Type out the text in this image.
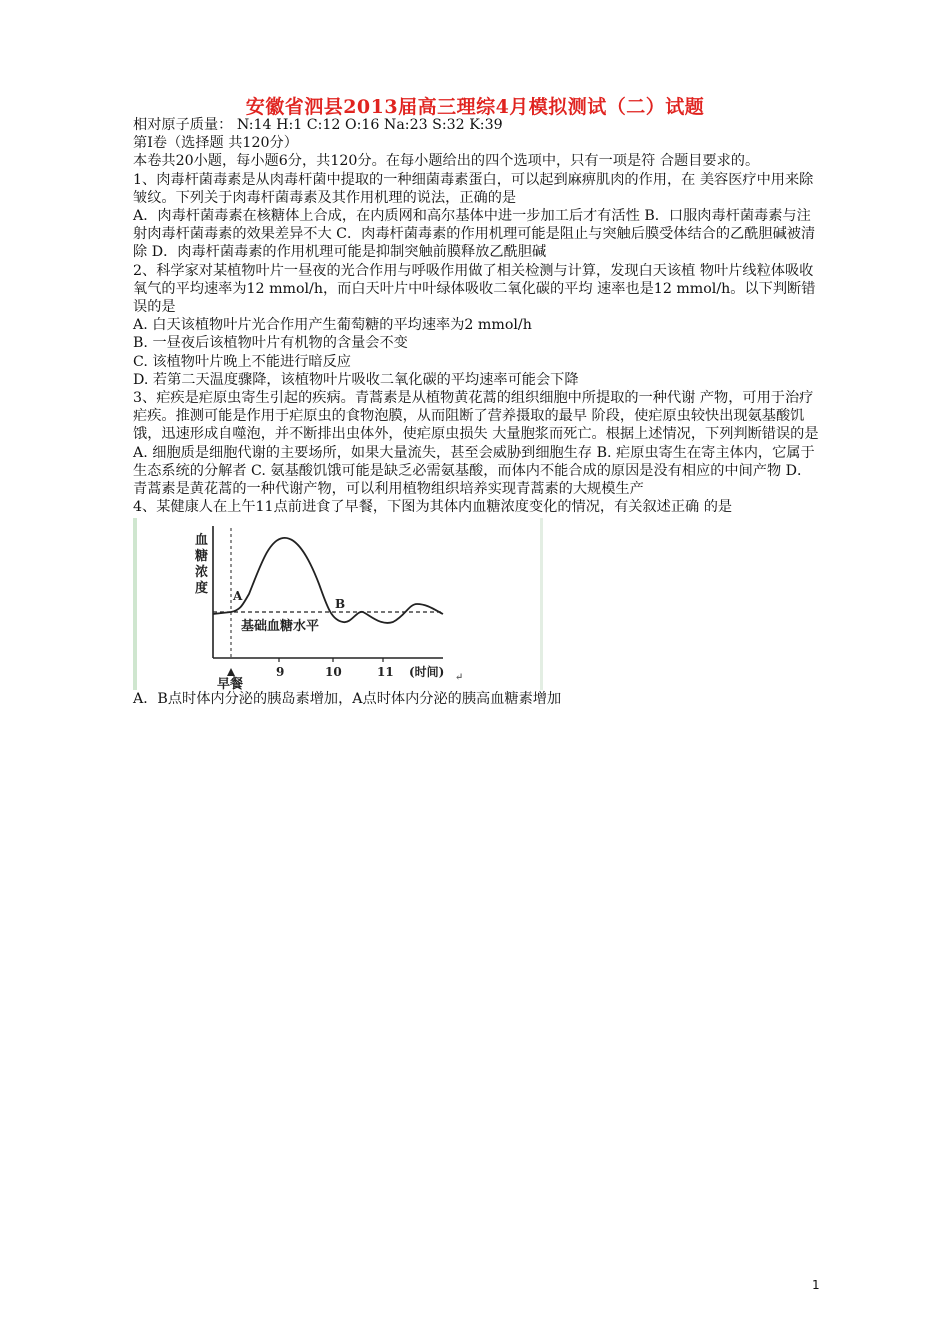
安徽省泗县2013届高三理综4月模拟测试（二）试题

相对原子质量： N:14 H:1 C:12 O:16 Na:23 S:32 K:39

第Ⅰ卷（选择题 共120分）

本卷共20小题，每小题6分，共120分。在每小题给出的四个选项中，只有一项是符 合题目要求的。

1、肉毒杆菌毒素是从肉毒杆菌中提取的一种细菌毒素蛋白，可以起到麻痹肌肉的作用，在 美容医疗中用来除皱纹。下列关于肉毒杆菌毒素及其作用机理的说法，正确的是

A．肉毒杆菌毒素在核糖体上合成，在内质网和高尔基体中进一步加工后才有活性 B．口服肉毒杆菌毒素与注射肉毒杆菌毒素的效果差异不大 C．肉毒杆菌毒素的作用机理可能是阻止与突触后膜受体结合的乙酰胆碱被清除 D．肉毒杆菌毒素的作用机理可能是抑制突触前膜释放乙酰胆碱

2、科学家对某植物叶片一昼夜的光合作用与呼吸作用做了相关检测与计算，发现白天该植 物叶片线粒体吸收氧气的平均速率为12 mmol/h，而白天叶片中叶绿体吸收二氧化碳的平均 速率也是12 mmol/h。以下判断错误的是

A. 白天该植物叶片光合作用产生葡萄糖的平均速率为2 mmol/h

B. 一昼夜后该植物叶片有机物的含量会不变

C. 该植物叶片晚上不能进行暗反应

D. 若第二天温度骤降，该植物叶片吸收二氧化碳的平均速率可能会下降

3、疟疾是疟原虫寄生引起的疾病。青蒿素是从植物黄花蒿的组织细胞中所提取的一种代谢 产物，可用于治疗疟疾。推测可能是作用于疟原虫的食物泡膜，从而阻断了营养摄取的最早 阶段，使疟原虫较快出现氨基酸饥饿，迅速形成自噬泡，并不断排出虫体外，使疟原虫损失 大量胞浆而死亡。根据上述情况，下列判断错误的是

A. 细胞质是细胞代谢的主要场所，如果大量流失，甚至会威胁到细胞生存 B. 疟原虫寄生在寄主体内，它属于生态系统的分解者 C. 氨基酸饥饿可能是缺乏必需氨基酸，而体内不能合成的原因是没有相应的中间产物 D．青蒿素是黄花蒿的一种代谢产物，可以利用植物组织培养实现青蒿素的大规模生产

4、某健康人在上午11点前进食了早餐，下图为其体内血糖浓度变化的情况，有关叙述正确 的是

血
糖
浓
度 A
B
基础血糖水平
9	10	11 (时间)
早餐	↵

A．B点时体内分泌的胰岛素增加，A点时体内分泌的胰高血糖素增加

1
